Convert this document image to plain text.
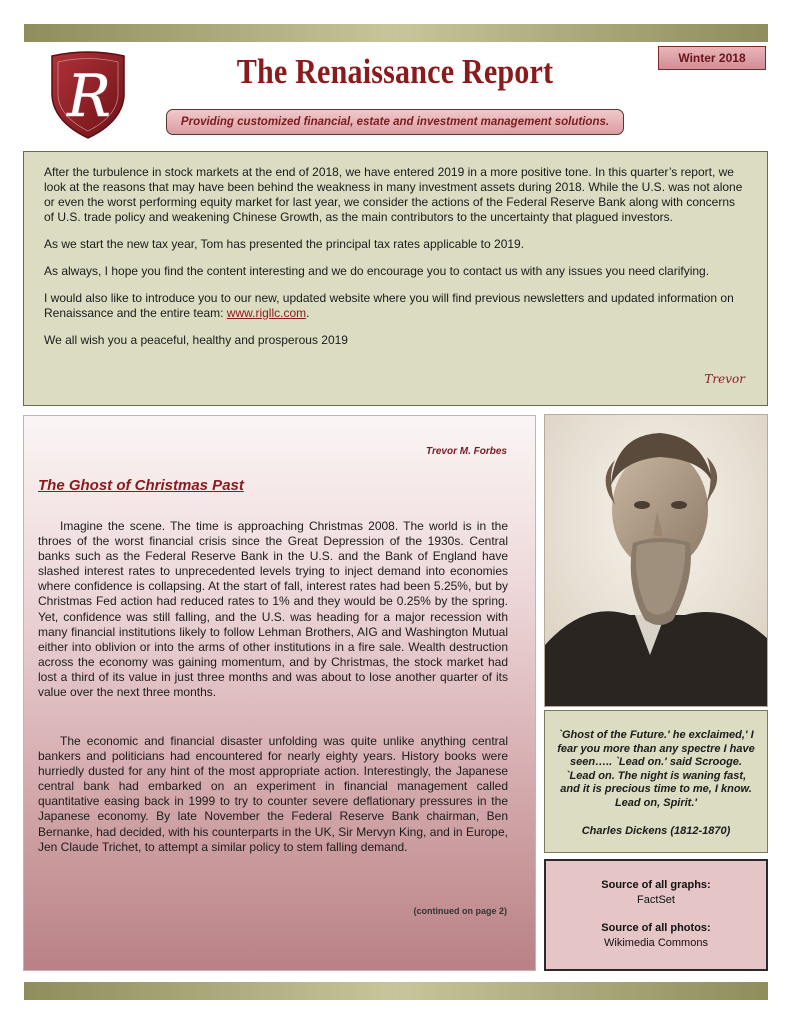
R	The Renaissance Report	Winter 2018
Providing customized financial, estate and investment management solutions.

After the turbulence in stock markets at the end of 2018, we have entered 2019 in a more positive tone. In this quarter’s report, we look at the reasons that may have been behind the weakness in many investment assets during 2018. While the U.S. was not alone or even the worst performing equity market for last year, we consider the actions of the Federal Reserve Bank along with concerns of U.S. trade policy and weakening Chinese Growth, as the main contributors to the uncertainty that plagued investors.

As we start the new tax year, Tom has presented the principal tax rates applicable to 2019.

As always, I hope you find the content interesting and we do encourage you to contact us with any issues you need clarifying.

I would also like to introduce you to our new, updated website where you will find previous newsletters and updated information on Renaissance and the entire team: www.rigllc.com.

We all wish you a peaceful, healthy and prosperous 2019

Trevor
Trevor M. Forbes
The Ghost of Christmas Past

Imagine the scene. The time is approaching Christmas 2008. The world is in the throes of the worst financial crisis since the Great Depression of the 1930s. Central banks such as the Federal Reserve Bank in the U.S. and the Bank of England have slashed interest rates to unprecedented levels trying to inject demand into economies where confidence is collapsing. At the start of fall, interest rates had been 5.25%, but by Christmas Fed action had reduced rates to 1% and they would be 0.25% by the spring. Yet, confidence was still falling, and the U.S. was heading for a major recession with many financial institutions likely to follow Lehman Brothers, AIG and Washington Mutual either into oblivion or into the arms of other institutions in a fire sale. Wealth destruction across the economy was gaining momentum, and by Christmas, the stock market had lost a third of its value in just three months and was about to lose another quarter of its value over the next three months.

The economic and financial disaster unfolding was quite unlike anything central bankers and politicians had encountered for nearly eighty years. History books were hurriedly dusted for any hint of the most appropriate action. Interestingly, the Japanese central bank had embarked on an experiment in financial management called quantitative easing back in 1999 to try to counter severe deflationary pressures in the Japanese economy. By late November the Federal Reserve Bank chairman, Ben Bernanke, had decided, with his counterparts in the UK, Sir Mervyn King, and in Europe, Jen Claude Trichet, to attempt a similar policy to stem falling demand.

(continued on page 2)
`Ghost of the Future.' he exclaimed,' I fear you more than any spectre I have seen….. `Lead on.' said Scrooge. `Lead on. The night is waning fast, and it is precious time to me, I know. Lead on, Spirit.'
Charles Dickens (1812-1870)
Source of all graphs:
FactSet
Source of all photos:
Wikimedia Commons
